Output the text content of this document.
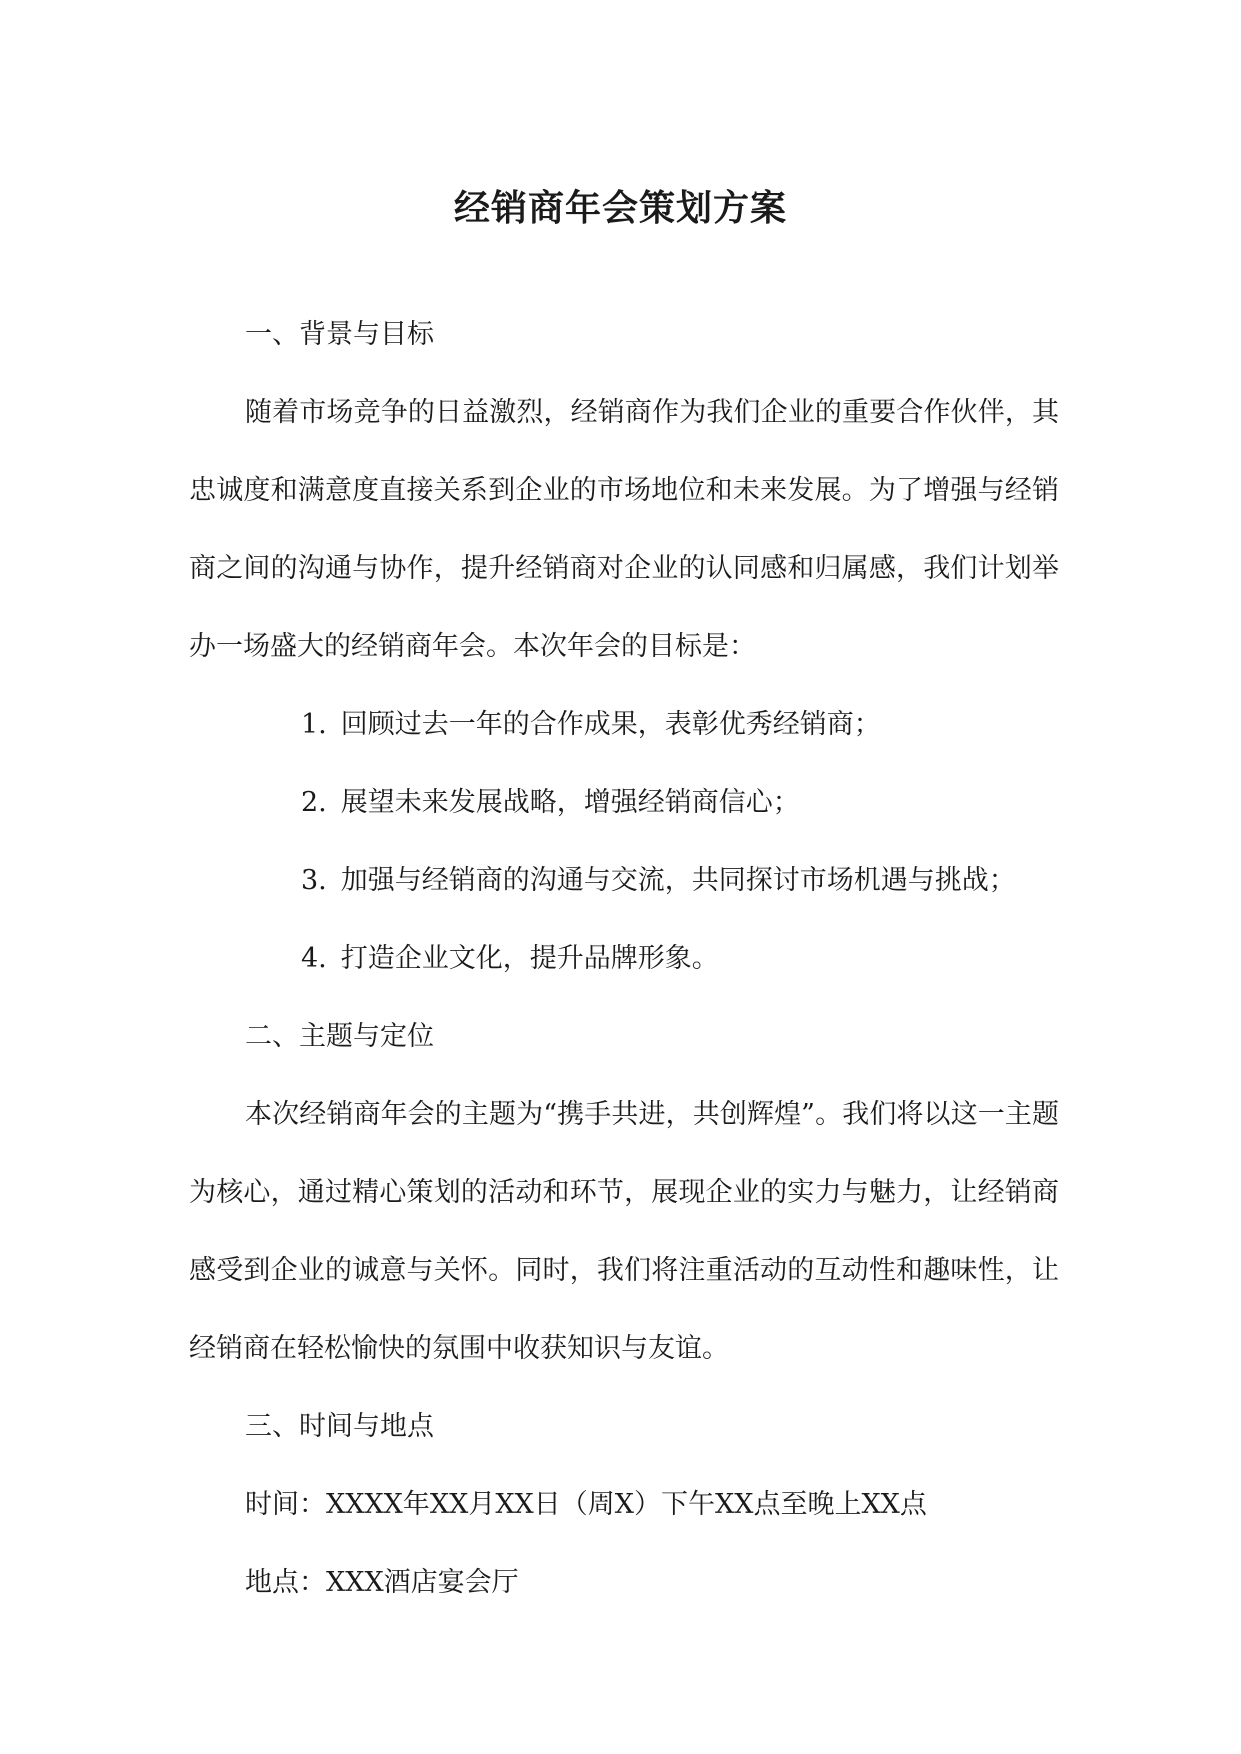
经销商年会策划方案

一、背景与目标

随着市场竞争的日益激烈，经销商作为我们企业的重要合作伙伴，其忠诚度和满意度直接关系到企业的市场地位和未来发展。为了增强与经销商之间的沟通与协作，提升经销商对企业的认同感和归属感，我们计划举办一场盛大的经销商年会。本次年会的目标是：

1. 回顾过去一年的合作成果，表彰优秀经销商；

2. 展望未来发展战略，增强经销商信心；

3. 加强与经销商的沟通与交流，共同探讨市场机遇与挑战；

4. 打造企业文化，提升品牌形象。

二、主题与定位

本次经销商年会的主题为“携手共进，共创辉煌”。我们将以这一主题为核心，通过精心策划的活动和环节，展现企业的实力与魅力，让经销商感受到企业的诚意与关怀。同时，我们将注重活动的互动性和趣味性，让经销商在轻松愉快的氛围中收获知识与友谊。

三、时间与地点

时间：XXXX年XX月XX日（周X）下午XX点至晚上XX点

地点：XXX酒店宴会厅
